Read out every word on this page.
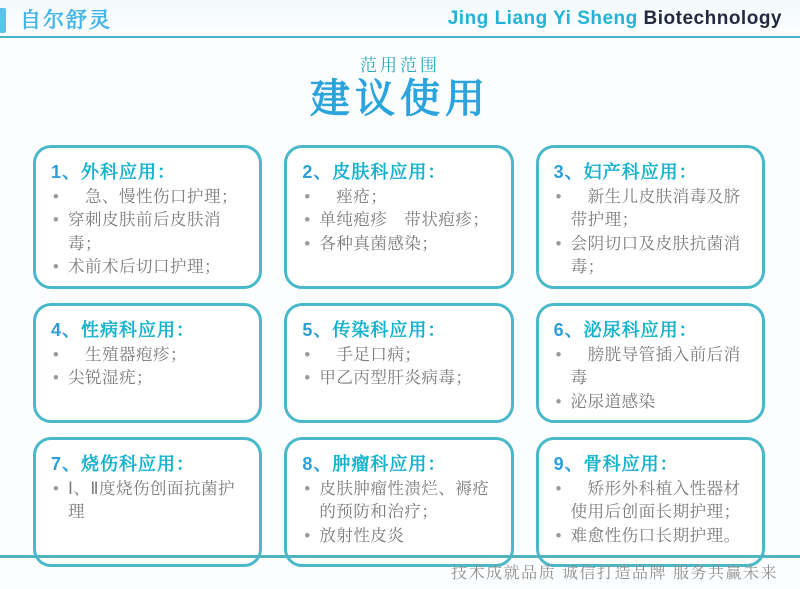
自尔舒灵	Jing Liang Yi Sheng Biotechnology
范用范围
建议使用
1、外科应用：
• 　急、慢性伤口护理；
• 穿刺皮肤前后皮肤消毒；
• 术前术后切口护理；
2、皮肤科应用：
• 　痤疮；
• 单纯疱疹　带状疱疹；
• 各种真菌感染；
3、妇产科应用：
• 　新生儿皮肤消毒及脐带护理；
• 会阴切口及皮肤抗菌消毒；
4、性病科应用：
• 　生殖器疱疹；
• 尖锐湿疣；
5、传染科应用：
• 　手足口病；
• 甲乙丙型肝炎病毒；
6、泌尿科应用：
• 　膀胱导管插入前后消毒
• 泌尿道感染
7、烧伤科应用：
• Ⅰ、Ⅱ度烧伤创面抗菌护理
8、肿瘤科应用：
• 皮肤肿瘤性溃烂、褥疮的预防和治疗；
• 放射性皮炎
9、骨科应用：
• 　矫形外科植入性器材使用后创面长期护理；
• 难愈性伤口长期护理。
技术成就品质 诚信打造品牌 服务共赢未来
